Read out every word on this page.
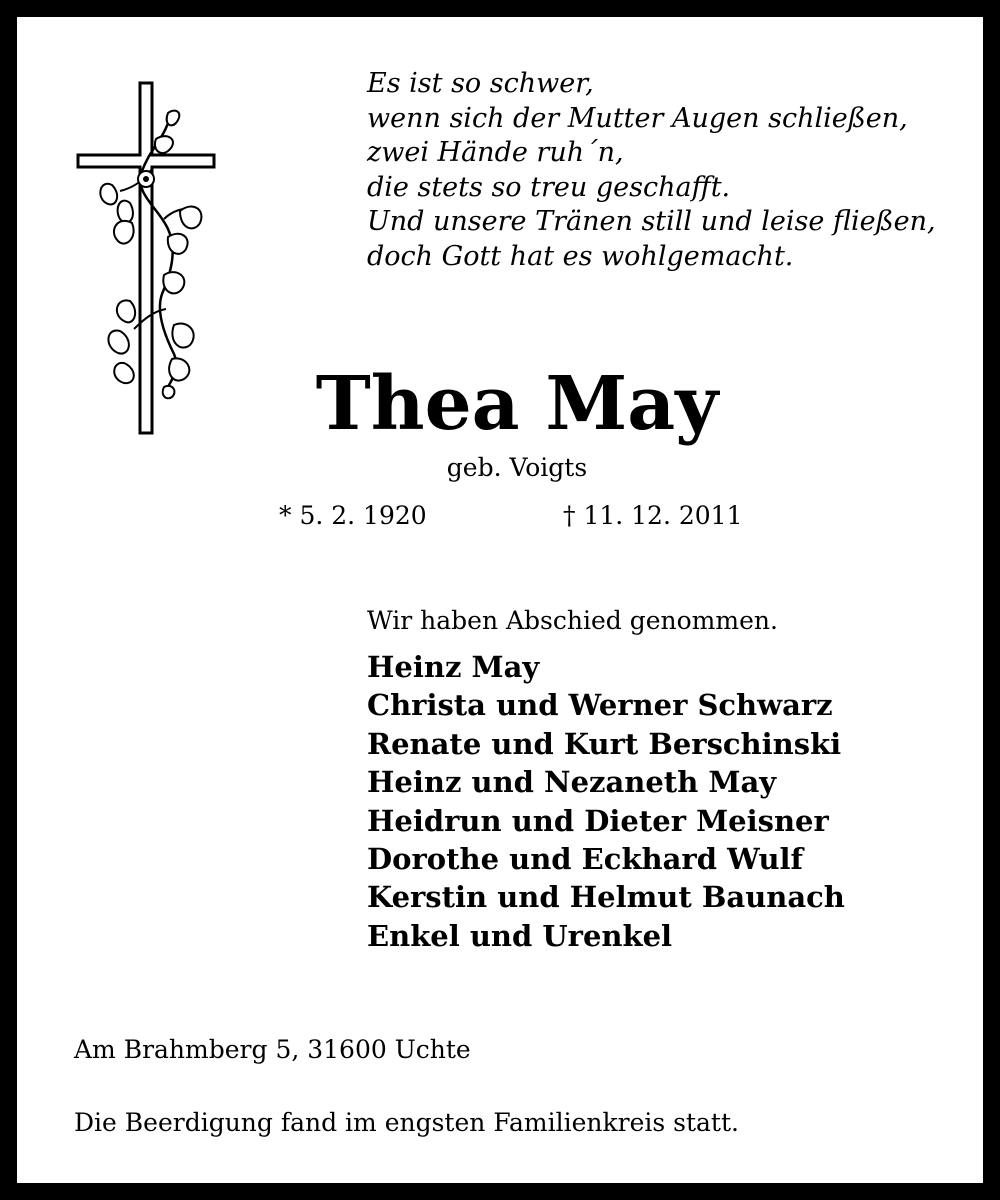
Es ist so schwer,
wenn sich der Mutter Augen schließen,
zwei Hände ruh´n,
die stets so treu geschafft.
Und unsere Tränen still und leise fließen,
doch Gott hat es wohlgemacht.
Thea May
geb. Voigts
* 5. 2. 1920	† 11. 12. 2011
Wir haben Abschied genommen.
Heinz May
Christa und Werner Schwarz
Renate und Kurt Berschinski
Heinz und Nezaneth May
Heidrun und Dieter Meisner
Dorothe und Eckhard Wulf
Kerstin und Helmut Baunach
Enkel und Urenkel
Am Brahmberg 5, 31600 Uchte
Die Beerdigung fand im engsten Familienkreis statt.
